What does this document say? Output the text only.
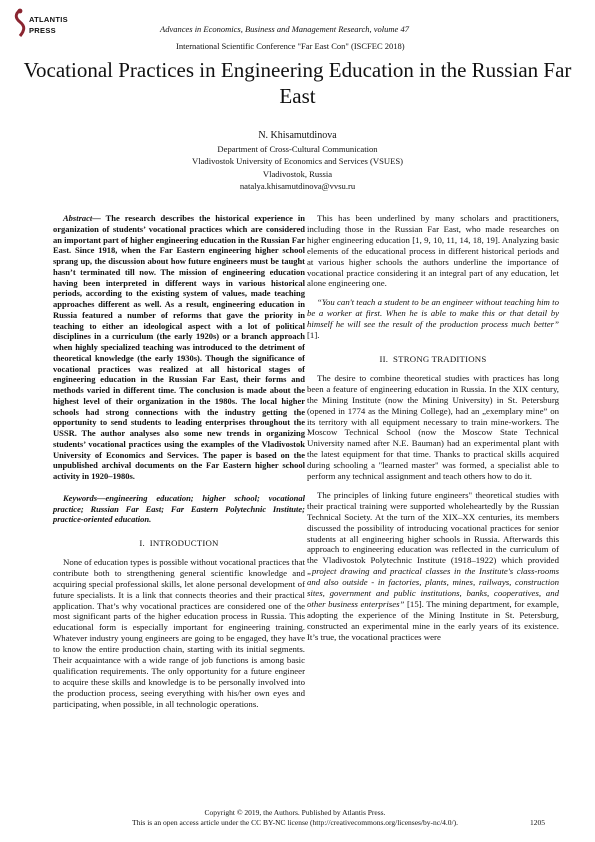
ATLANTIS
PRESS	Advances in Economics, Business and Management Research, volume 47
International Scientific Conference "Far East Con" (ISCFEC 2018)
Vocational Practices in Engineering Education in the Russian Far East
N. Khisamutdinova
Department of Cross-Cultural Communication
Vladivostok University of Economics and Services (VSUES)
Vladivostok, Russia
natalya.khisamutdinova@vvsu.ru

Abstract— The research describes the historical experience in organization of students’ vocational practices which are considered an important part of higher engineering education in the Russian Far East. Since 1918, when the Far Eastern engineering higher school sprang up, the discussion about how future engineers must be taught hasn’t terminated till now. The mission of engineering education having been interpreted in different ways in various historical periods, according to the existing system of values, made teaching approaches different as well. As a result, engineering education in Russia featured a number of reforms that gave the priority in teaching to either an ideological aspect with a lot of political disciplines in a curriculum (the early 1920s) or a branch approach when highly specialized teaching was introduced to the detriment of theoretical knowledge (the early 1930s). Though the significance of vocational practices was realized at all historical stages of engineering education in the Russian Far East, their forms and methods varied in different time. The conclusion is made about the highest level of their organization in the 1980s. The local higher schools had strong connections with the industry getting the opportunity to send students to leading enterprises throughout the USSR. The author analyses also some new trends in organizing students’ vocational practices using the examples of the Vladivostok University of Economics and Services. The paper is based on the unpublished archival documents on the Far Eastern higher school activity in 1920–1980s.

Keywords—engineering education; higher school; vocational practice; Russian Far East; Far Eastern Polytechnic Institute; practice-oriented education.

I. INTRODUCTION

None of education types is possible without vocational practices that contribute both to strengthening general scientific knowledge and acquiring special professional skills, let alone personal development of future specialists. It is a link that connects theories and their practical application. That’s why vocational practices are considered one of the most significant parts of the higher education process in Russia. This educational form is especially important for engineering training. Whatever industry young engineers are going to be engaged, they have to know the entire production chain, starting with its initial segments. Their acquaintance with a wide range of job functions is among basic qualification requirements. The only opportunity for a future engineer to acquire these skills and knowledge is to be personally involved into the production process, seeing everything with his/her own eyes and participating, when possible, in all technologic operations.

This has been underlined by many scholars and practitioners, including those in the Russian Far East, who made researches on higher engineering education [1, 9, 10, 11, 14, 18, 19]. Analyzing basic elements of the educational process in different historical periods and at various higher schools the authors underline the importance of vocational practice considering it an integral part of any education, let alone engineering one.

“You can't teach a student to be an engineer without teaching him to be a worker at first. When he is able to make this or that detail by himself he will see the result of the production process much better” [1].

II. STRONG TRADITIONS

The desire to combine theoretical studies with practices has long been a feature of engineering education in Russia. In the XIX century, the Mining Institute (now the Mining University) in St. Petersburg (opened in 1774 as the Mining College), had an „exemplary mine” on its territory with all equipment necessary to train mine-workers. The Moscow Technical School (now the Moscow State Technical University named after N.E. Bauman) had an experimental plant with the latest equipment for that time. Thanks to practical skills acquired during schooling a "learned master" was formed, a specialist able to perform any technical assignment and teach others how to do it.

The principles of linking future engineers" theoretical studies with their practical training were supported wholeheartedly by the Russian Technical Society. At the turn of the XIX–XX centuries, its members discussed the possibility of introducing vocational practices for senior students at all engineering higher schools in Russia. Afterwards this approach to engineering education was reflected in the curriculum of the Vladivostok Polytechnic Institute (1918–1922) which provided „project drawing and practical classes in the Institute's class-rooms and also outside - in factories, plants, mines, railways, construction sites, government and public institutions, banks, cooperatives, and other business enterprises” [15]. The mining department, for example, adopting the experience of the Mining Institute in St. Petersburg, constructed an experimental mine in the early years of its existence. It’s true, the vocational practices were

Copyright © 2019, the Authors. Published by Atlantis Press.
This is an open access article under the CC BY-NC license (http://creativecommons.org/licenses/by-nc/4.0/).	1205
